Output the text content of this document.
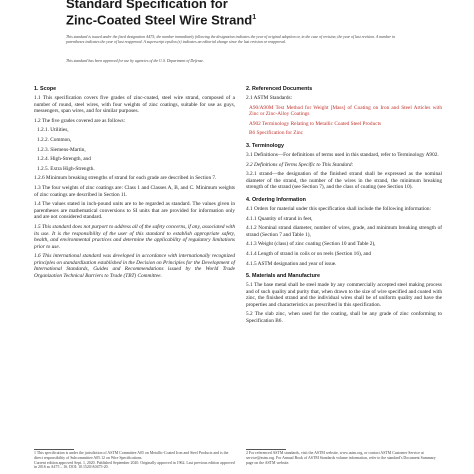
Standard Specification for
Zinc-Coated Steel Wire Strand$^1$

This standard is issued under the fixed designation A475; the number immediately following the designation indicates the year of original adoption or, in the case of revision, the year of last revision. A number in parentheses indicates the year of last reapproval. A superscript epsilon (ε) indicates an editorial change since the last revision or reapproval.

This standard has been approved for use by agencies of the U.S. Department of Defense.

1. Scope

1.1 This specification covers five grades of zinc-coated, steel wire strand, composed of a number of round, steel wires, with four weights of zinc coatings, suitable for use as guys, messengers, span wires, and for similar purposes.

1.2 The five grades covered are as follows:

1.2.1. Utilities,

1.2.2. Common,

1.2.3. Siemens-Martin,

1.2.4. High-Strength, and

1.2.5. Extra High-Strength.

1.2.6 Minimum breaking strengths of strand for each grade are described in Section 7.

1.3 The four weights of zinc coatings are: Class 1 and Classes A, B, and C. Minimum weights of zinc coatings are described in Section 11.

1.4 The values stated in inch-pound units are to be regarded as standard. The values given in parentheses are mathematical conversions to SI units that are provided for information only and are not considered standard.

1.5 This standard does not purport to address all of the safety concerns, if any, associated with its use. It is the responsibility of the user of this standard to establish appropriate safety, health, and environmental practices and determine the applicability of regulatory limitations prior to use.

1.6 This international standard was developed in accordance with internationally recognized principles on standardization established in the Decision on Principles for the Development of International Standards, Guides and Recommendations issued by the World Trade Organization Technical Barriers to Trade (TBT) Committee.

1 This specification is under the jurisdiction of ASTM Committee A05 on Metallic-Coated Iron and Steel Products and is the direct responsibility of Subcommittee A05.12 on Wire Specifications.
Current edition approved Sept. 1, 2020. Published September 2020. Originally approved in 1962. Last previous edition approved in 2016 as A475 – 16. DOI: 10.1520/A0475-20.
2. Referenced Documents

2.1 ASTM Standards:

A90/A90M Test Method for Weight [Mass] of Coating on Iron and Steel Articles with Zinc or Zinc-Alloy Coatings

A902 Terminology Relating to Metallic Coated Steel Products

B6 Specification for Zinc

3. Terminology

3.1 Definitions—For definitions of terms used in this standard, refer to Terminology A902.

3.2 Definitions of Terms Specific to This Standard:

3.2.1 strand—the designation of the finished strand shall be expressed as the nominal diameter of the strand, the number of the wires in the strand, the minimum breaking strength of the strand (see Section 7), and the class of coating (see Section 10).

4. Ordering Information

4.1 Orders for material under this specification shall include the following information:

4.1.1 Quantity of strand in feet,

4.1.2 Nominal strand diameter, number of wires, grade, and minimum breaking strength of strand (Section 7 and Table 1),

4.1.3 Weight (class) of zinc coating (Section 10 and Table 2),

4.1.4 Length of strand in coils or on reels (Section 16), and

4.1.5 ASTM designation and year of issue.

5. Materials and Manufacture

5.1 The base metal shall be steel made by any commercially accepted steel making process and of such quality and purity that, when drawn to the size of wire specified and coated with zinc, the finished strand and the individual wires shall be of uniform quality and have the properties and characteristics as prescribed in this specification.

5.2 The slab zinc, when used for the coating, shall be any grade of zinc conforming to Specification B6.

2 For referenced ASTM standards, visit the ASTM website, www.astm.org, or contact ASTM Customer Service at service@astm.org. For Annual Book of ASTM Standards volume information, refer to the standard's Document Summary page on the ASTM website.
